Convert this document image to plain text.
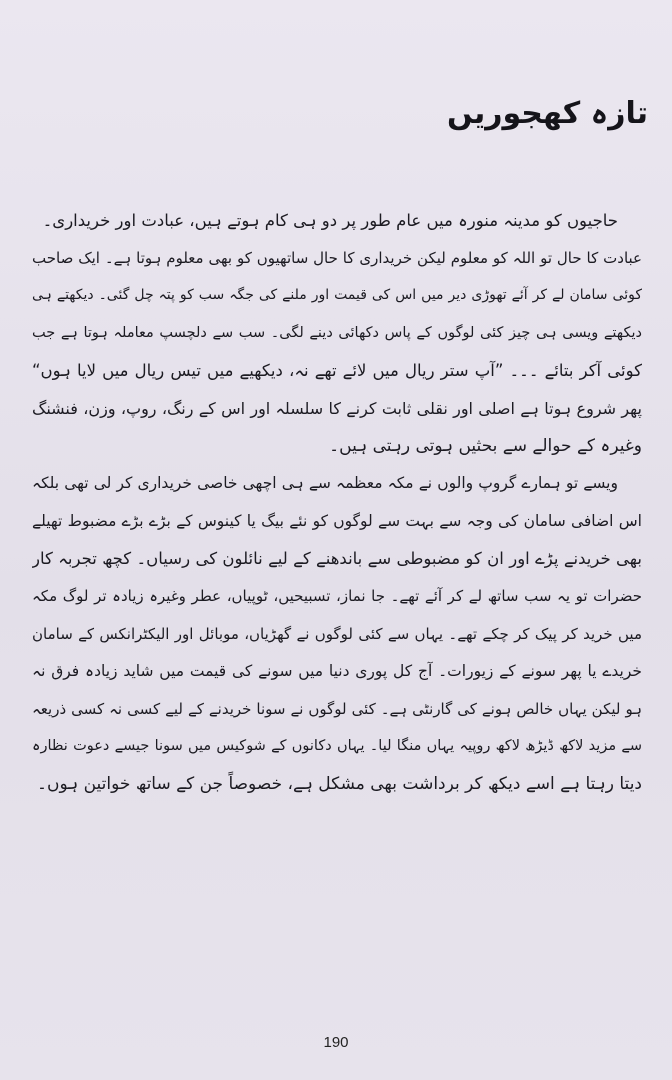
تازہ کھجوریں
حاجیوں کو مدینہ منورہ میں عام طور پر دو ہی کام ہوتے ہیں، عبادت اور خریداری۔
عبادت کا حال تو اللہ کو معلوم لیکن خریداری کا حال ساتھیوں کو بھی معلوم ہوتا ہے۔ ایک صاحب
کوئی سامان لے کر آئے تھوڑی دیر میں اس کی قیمت اور ملنے کی جگہ سب کو پتہ چل گئی۔ دیکھتے ہی
دیکھتے ویسی ہی چیز کئی لوگوں کے پاس دکھائی دینے لگی۔ سب سے دلچسپ معاملہ ہوتا ہے جب
کوئی آکر بتائے ۔۔۔ ”آپ ستر ریال میں لائے تھے نہ، دیکھیے میں تیس ریال میں لایا ہوں“
پھر شروع ہوتا ہے اصلی اور نقلی ثابت کرنے کا سلسلہ اور اس کے رنگ، روپ، وزن، فنشنگ
وغیرہ کے حوالے سے بحثیں ہوتی رہتی ہیں۔
ویسے تو ہمارے گروپ والوں نے مکہ معظمہ سے ہی اچھی خاصی خریداری کر لی تھی بلکہ
اس اضافی سامان کی وجہ سے بہت سے لوگوں کو نئے بیگ یا کینوس کے بڑے بڑے مضبوط تھیلے
بھی خریدنے پڑے اور ان کو مضبوطی سے باندھنے کے لیے نائلون کی رسیاں۔ کچھ تجربہ کار
حضرات تو یہ سب ساتھ لے کر آئے تھے۔ جا نماز، تسبیحیں، ٹوپیاں، عطر وغیرہ زیادہ تر لوگ مکہ
میں خرید کر پیک کر چکے تھے۔ یہاں سے کئی لوگوں نے گھڑیاں، موبائل اور الیکٹرانکس کے سامان
خریدے یا پھر سونے کے زیورات۔ آج کل پوری دنیا میں سونے کی قیمت میں شاید زیادہ فرق نہ
ہو لیکن یہاں خالص ہونے کی گارنٹی ہے۔ کئی لوگوں نے سونا خریدنے کے لیے کسی نہ کسی ذریعہ
سے مزید لاکھ ڈیڑھ لاکھ روپیہ یہاں منگا لیا۔ یہاں دکانوں کے شوکیس میں سونا جیسے دعوت نظارہ
دیتا رہتا ہے اسے دیکھ کر برداشت بھی مشکل ہے، خصوصاً جن کے ساتھ خواتین ہوں۔
190
